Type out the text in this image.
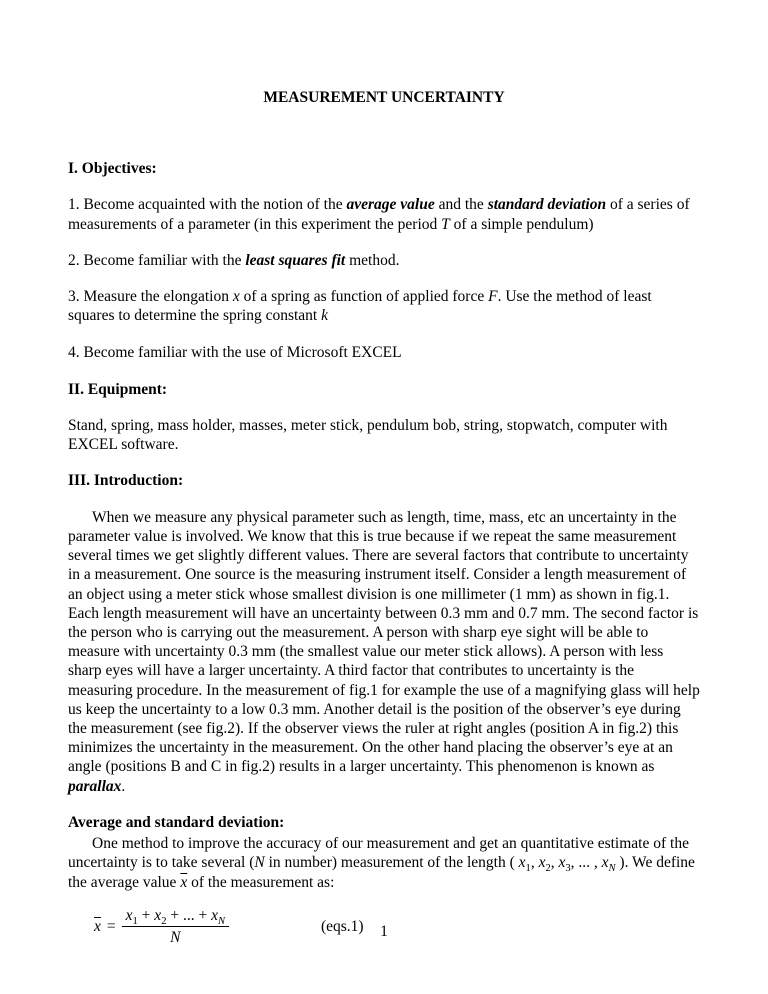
MEASUREMENT UNCERTAINTY
I. Objectives:

1. Become acquainted with the notion of the average value and the standard deviation of a series of measurements of a parameter (in this experiment the period T of a simple pendulum)

2. Become familiar with the least squares fit method.

3. Measure the elongation x of a spring as function of applied force F. Use the method of least squares to determine the spring constant k

4. Become familiar with the use of Microsoft EXCEL

II. Equipment:

Stand, spring, mass holder, masses, meter stick, pendulum bob, string, stopwatch, computer with EXCEL software.

III. Introduction:

When we measure any physical parameter such as length, time, mass, etc an uncertainty in the parameter value is involved. We know that this is true because if we repeat the same measurement several times we get slightly different values. There are several factors that contribute to uncertainty in a measurement. One source is the measuring instrument itself. Consider a length measurement of an object using a meter stick whose smallest division is one millimeter (1 mm) as shown in fig.1. Each length measurement will have an uncertainty between 0.3 mm and 0.7 mm. The second factor is the person who is carrying out the measurement. A person with sharp eye sight will be able to measure with uncertainty 0.3 mm (the smallest value our meter stick allows). A person with less sharp eyes will have a larger uncertainty. A third factor that contributes to uncertainty is the measuring procedure. In the measurement of fig.1 for example the use of a magnifying glass will help us keep the uncertainty to a low 0.3 mm. Another detail is the position of the observer’s eye during the measurement (see fig.2). If the observer views the ruler at right angles (position A in fig.2) this minimizes the uncertainty in the measurement. On the other hand placing the observer’s eye at an angle (positions B and C in fig.2) results in a larger uncertainty. This phenomenon is known as parallax.

Average and standard deviation:

One method to improve the accuracy of our measurement and get an quantitative estimate of the uncertainty is to take several (N in number) measurement of the length ( $x_1$, $x_2$, $x_3$, ... , $x_N$ ). We define the average value $\overline{x}$ of the measurement as:

$\overline{x} = \frac{x_1 + x_2 + ... + x_N}{N}$	(eqs.1)	1
